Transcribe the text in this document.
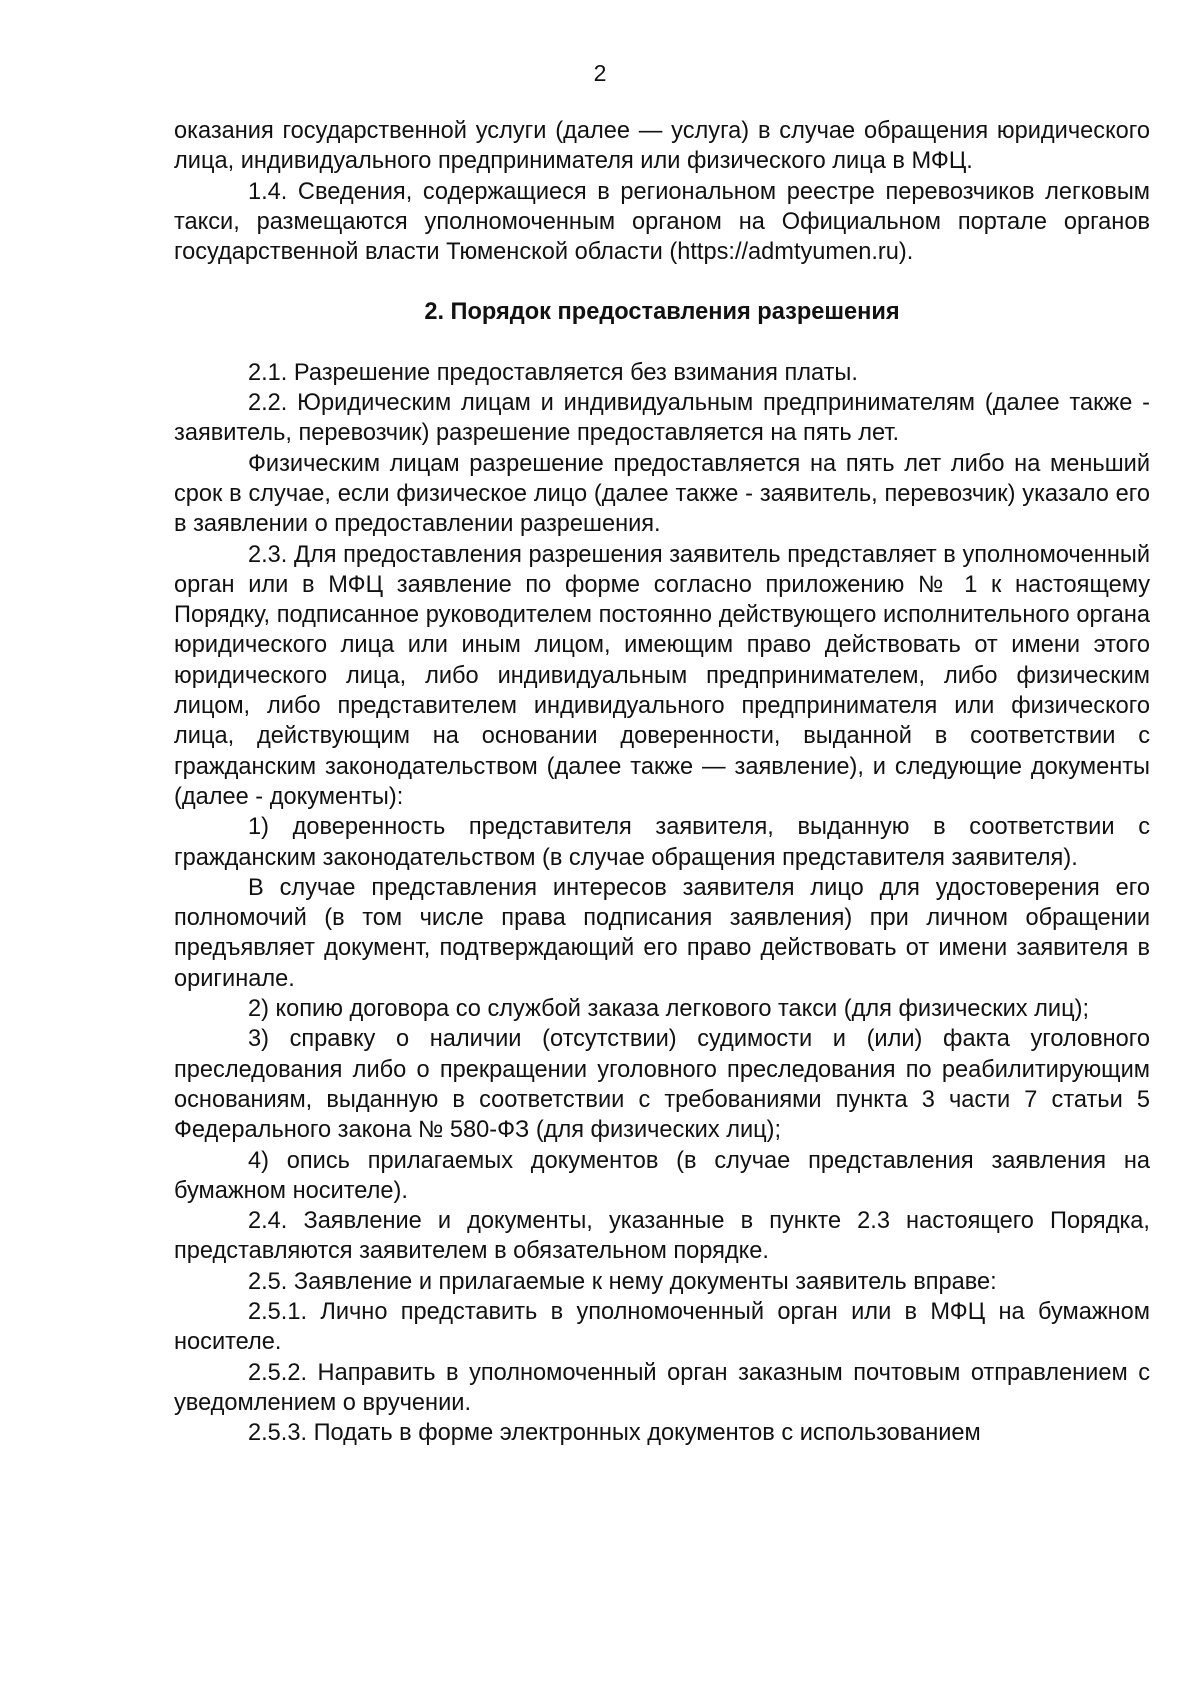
2

оказания государственной услуги (далее — услуга) в случае обращения юридического лица, индивидуального предпринимателя или физического лица в МФЦ.

1.4. Сведения, содержащиеся в региональном реестре перевозчиков легковым такси, размещаются уполномоченным органом на Официальном портале органов государственной власти Тюменской области (https://admtyumen.ru).

2. Порядок предоставления разрешения

2.1. Разрешение предоставляется без взимания платы.

2.2. Юридическим лицам и индивидуальным предпринимателям (далее также - заявитель, перевозчик) разрешение предоставляется на пять лет.

Физическим лицам разрешение предоставляется на пять лет либо на меньший срок в случае, если физическое лицо (далее также - заявитель, перевозчик) указало его в заявлении о предоставлении разрешения.

2.3. Для предоставления разрешения заявитель представляет в уполномоченный орган или в МФЦ заявление по форме согласно приложению № 1 к настоящему Порядку, подписанное руководителем постоянно действующего исполнительного органа юридического лица или иным лицом, имеющим право действовать от имени этого юридического лица, либо индивидуальным предпринимателем, либо физическим лицом, либо представителем индивидуального предпринимателя или физического лица, действующим на основании доверенности, выданной в соответствии с гражданским законодательством (далее также — заявление), и следующие документы (далее - документы):

1) доверенность представителя заявителя, выданную в соответствии с гражданским законодательством (в случае обращения представителя заявителя).

В случае представления интересов заявителя лицо для удостоверения его полномочий (в том числе права подписания заявления) при личном обращении предъявляет документ, подтверждающий его право действовать от имени заявителя в оригинале.

2) копию договора со службой заказа легкового такси (для физических лиц);

3) справку о наличии (отсутствии) судимости и (или) факта уголовного преследования либо о прекращении уголовного преследования по реабилитирующим основаниям, выданную в соответствии с требованиями пункта 3 части 7 статьи 5 Федерального закона № 580-ФЗ (для физических лиц);

4) опись прилагаемых документов (в случае представления заявления на бумажном носителе).

2.4. Заявление и документы, указанные в пункте 2.3 настоящего Порядка, представляются заявителем в обязательном порядке.

2.5. Заявление и прилагаемые к нему документы заявитель вправе:

2.5.1. Лично представить в уполномоченный орган или в МФЦ на бумажном носителе.

2.5.2. Направить в уполномоченный орган заказным почтовым отправлением с уведомлением о вручении.

2.5.3. Подать в форме электронных документов с использованием
